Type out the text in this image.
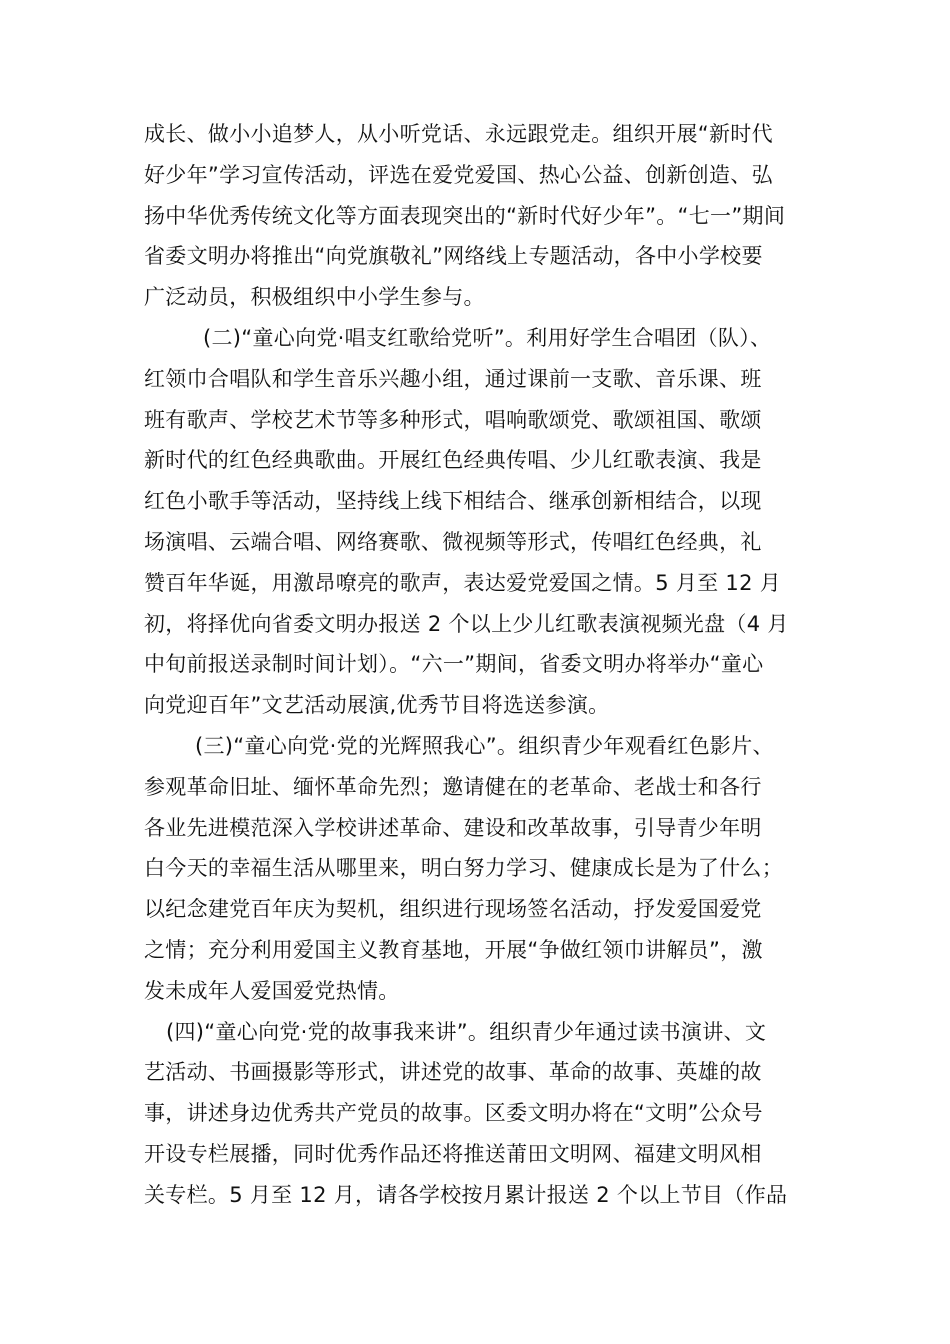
成长、做小小追梦人，从小听党话、永远跟党走。组织开展“新时代
好少年”学习宣传活动，评选在爱党爱国、热心公益、创新创造、弘
扬中华优秀传统文化等方面表现突出的“新时代好少年”。“七一”期间
省委文明办将推出“向党旗敬礼”网络线上专题活动，各中小学校要
广泛动员，积极组织中小学生参与。
(二)“童心向党·唱支红歌给党听”。利用好学生合唱团（队）、
红领巾合唱队和学生音乐兴趣小组，通过课前一支歌、音乐课、班
班有歌声、学校艺术节等多种形式，唱响歌颂党、歌颂祖国、歌颂
新时代的红色经典歌曲。开展红色经典传唱、少儿红歌表演、我是
红色小歌手等活动，坚持线上线下相结合、继承创新相结合，以现
场演唱、云端合唱、网络赛歌、微视频等形式，传唱红色经典，礼
赞百年华诞，用激昂嘹亮的歌声，表达爱党爱国之情。5 月至 12 月
初，将择优向省委文明办报送 2 个以上少儿红歌表演视频光盘（4 月
中旬前报送录制时间计划）。“六一”期间，省委文明办将举办“童心
向党迎百年”文艺活动展演,优秀节目将选送参演。
(三)“童心向党·党的光辉照我心”。组织青少年观看红色影片、
参观革命旧址、缅怀革命先烈；邀请健在的老革命、老战士和各行
各业先进模范深入学校讲述革命、建设和改革故事，引导青少年明
白今天的幸福生活从哪里来，明白努力学习、健康成长是为了什么；
以纪念建党百年庆为契机，组织进行现场签名活动，抒发爱国爱党
之情；充分利用爱国主义教育基地，开展“争做红领巾讲解员”，激
发未成年人爱国爱党热情。
(四)“童心向党·党的故事我来讲”。组织青少年通过读书演讲、文
艺活动、书画摄影等形式，讲述党的故事、革命的故事、英雄的故
事，讲述身边优秀共产党员的故事。区委文明办将在“文明”公众号
开设专栏展播，同时优秀作品还将推送莆田文明网、福建文明风相
关专栏。5 月至 12 月，请各学校按月累计报送 2 个以上节目（作品
